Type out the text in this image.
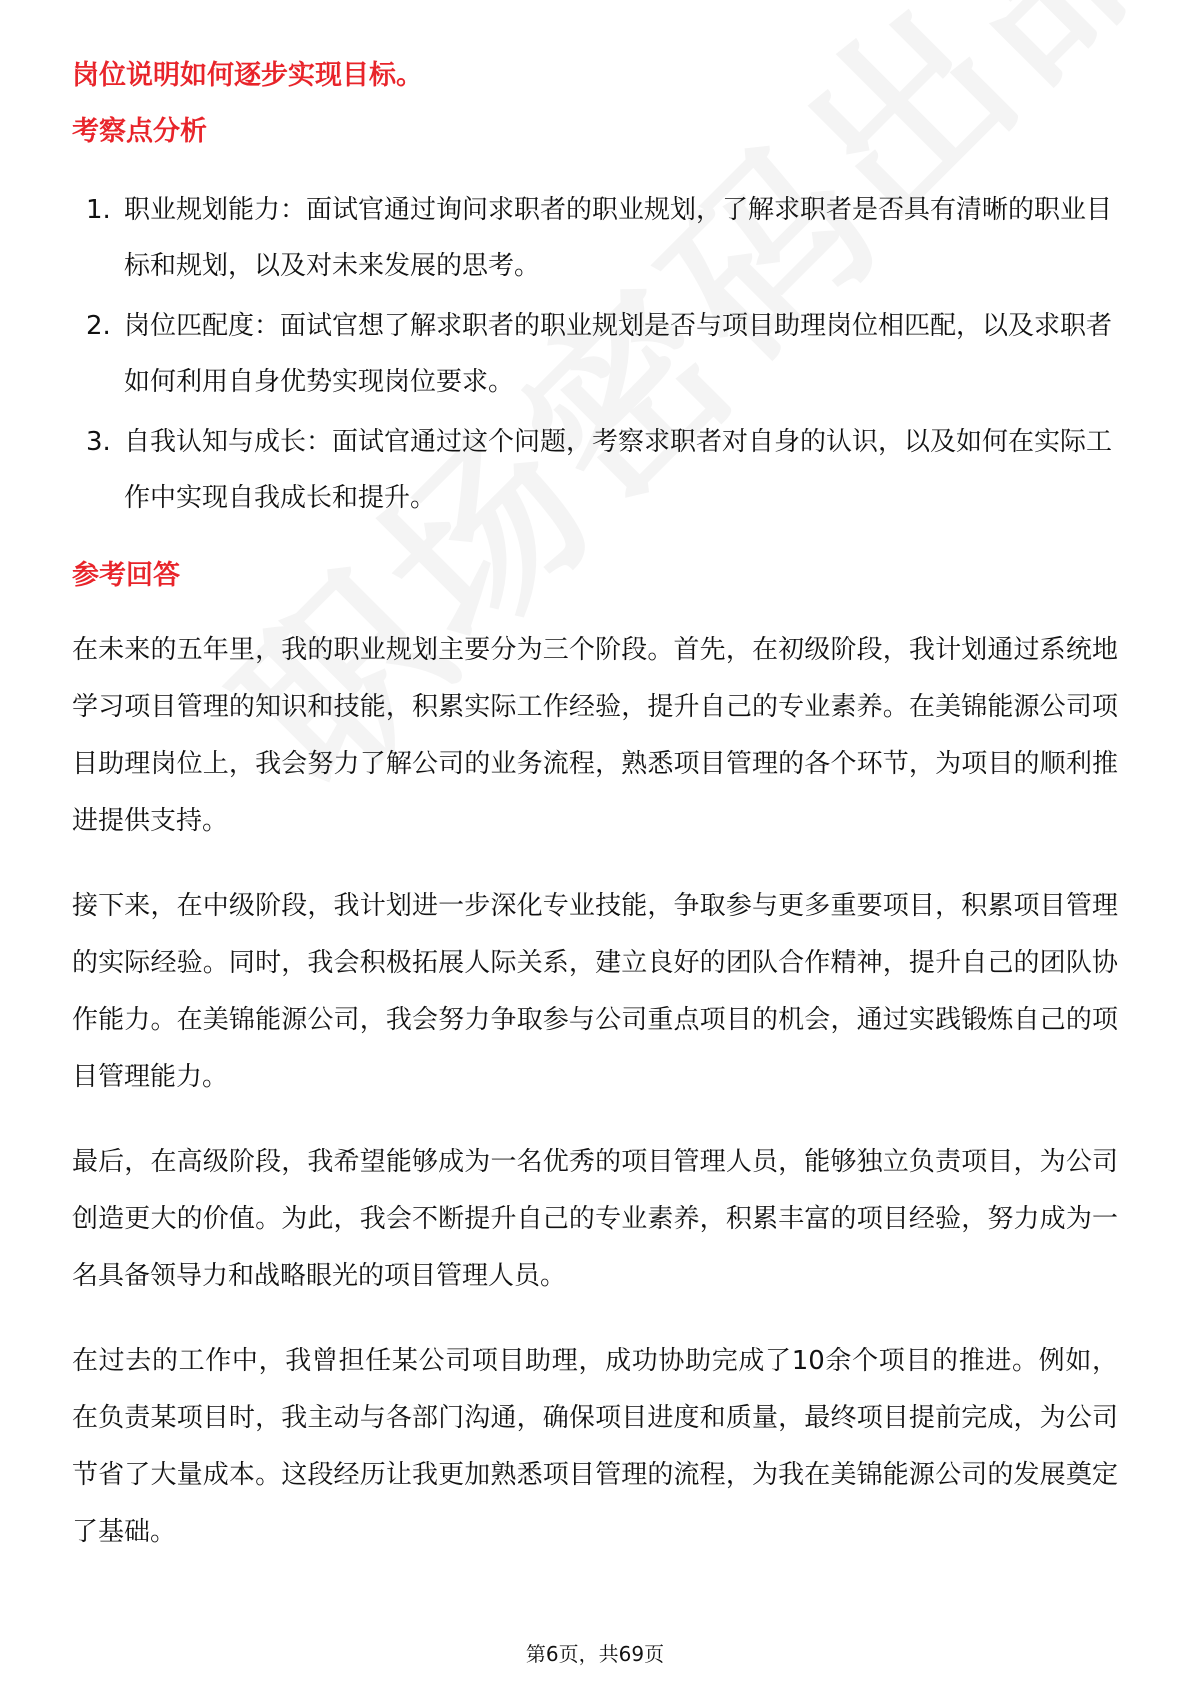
岗位说明如何逐步实现目标。

考察点分析
1. 职业规划能力：面试官通过询问求职者的职业规划，了解求职者是否具有清晰的职业目标和规划，以及对未来发展的思考。
2. 岗位匹配度：面试官想了解求职者的职业规划是否与项目助理岗位相匹配，以及求职者如何利用自身优势实现岗位要求。
3. 自我认知与成长：面试官通过这个问题，考察求职者对自身的认识，以及如何在实际工作中实现自我成长和提升。
参考回答

在未来的五年里，我的职业规划主要分为三个阶段。首先，在初级阶段，我计划通过系统地学习项目管理的知识和技能，积累实际工作经验，提升自己的专业素养。在美锦能源公司项目助理岗位上，我会努力了解公司的业务流程，熟悉项目管理的各个环节，为项目的顺利推进提供支持。

接下来，在中级阶段，我计划进一步深化专业技能，争取参与更多重要项目，积累项目管理的实际经验。同时，我会积极拓展人际关系，建立良好的团队合作精神，提升自己的团队协作能力。在美锦能源公司，我会努力争取参与公司重点项目的机会，通过实践锻炼自己的项目管理能力。

最后，在高级阶段，我希望能够成为一名优秀的项目管理人员，能够独立负责项目，为公司创造更大的价值。为此，我会不断提升自己的专业素养，积累丰富的项目经验，努力成为一名具备领导力和战略眼光的项目管理人员。

在过去的工作中，我曾担任某公司项目助理，成功协助完成了10余个项目的推进。例如，在负责某项目时，我主动与各部门沟通，确保项目进度和质量，最终项目提前完成，为公司节省了大量成本。这段经历让我更加熟悉项目管理的流程，为我在美锦能源公司的发展奠定了基础。

第6页，共69页
